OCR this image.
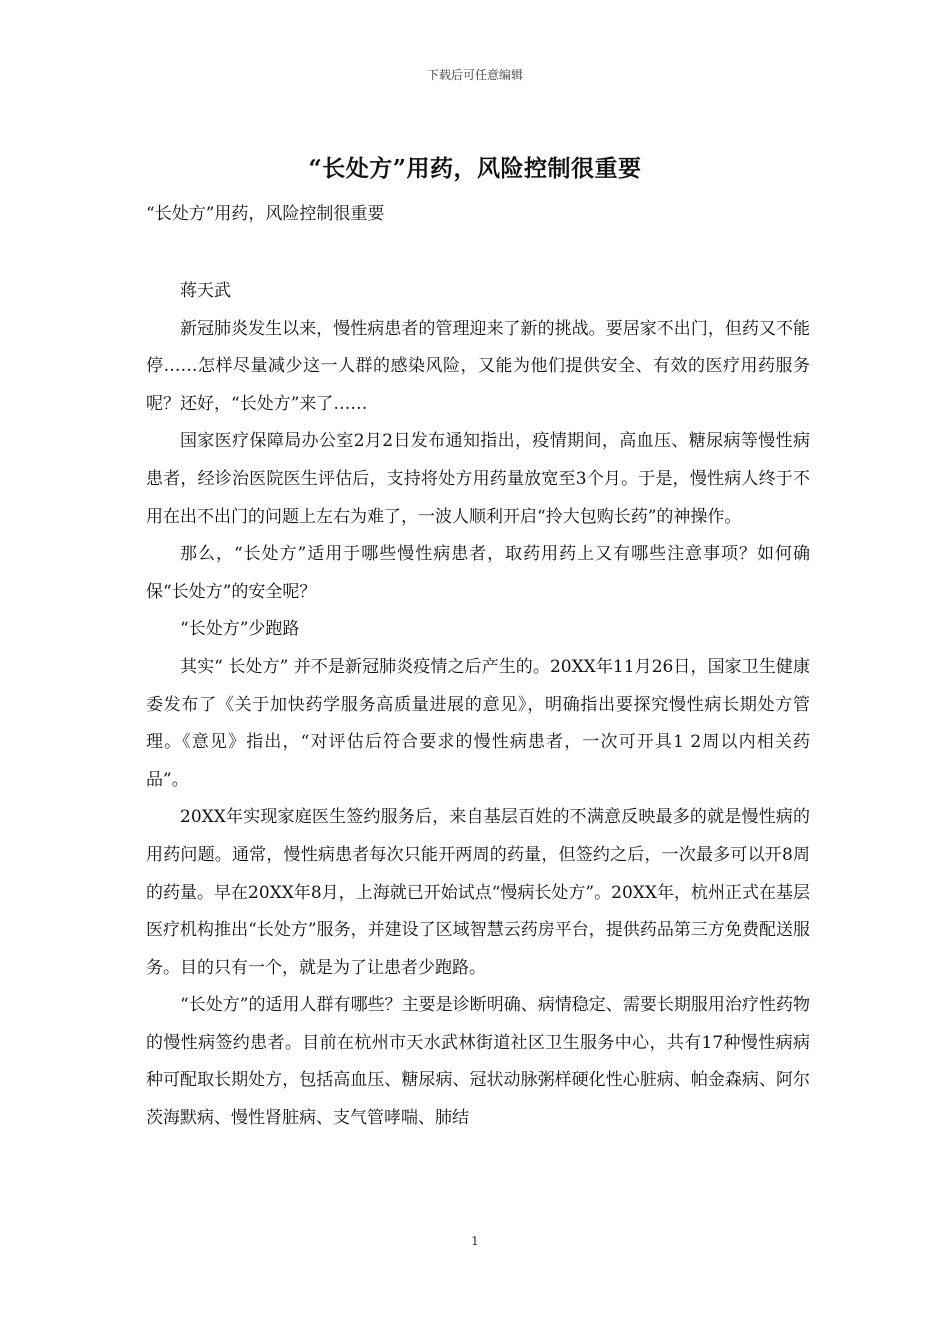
下载后可任意编辑
“长处方”用药，风险控制很重要
“长处方”用药，风险控制很重要

蒋天武

新冠肺炎发生以来，慢性病患者的管理迎来了新的挑战。要居家不出门，但药又不能停……怎样尽量减少这一人群的感染风险，又能为他们提供安全、有效的医疗用药服务呢？还好，“长处方”来了……

国家医疗保障局办公室2月2日发布通知指出，疫情期间，高血压、糖尿病等慢性病患者，经诊治医院医生评估后，支持将处方用药量放宽至3个月。于是，慢性病人终于不用在出不出门的问题上左右为难了，一波人顺利开启“拎大包购长药”的神操作。

那么，“长处方”适用于哪些慢性病患者，取药用药上又有哪些注意事项？如何确保“长处方”的安全呢？

“长处方”少跑路

其实“ 长处方” 并不是新冠肺炎疫情之后产生的。20XX年11月26日，国家卫生健康委发布了《关于加快药学服务高质量进展的意见》，明确指出要探究慢性病长期处方管理。《意见》指出，“对评估后符合要求的慢性病患者，一次可开具1 2周以内相关药品”。

20XX年实现家庭医生签约服务后，来自基层百姓的不满意反映最多的就是慢性病的用药问题。通常，慢性病患者每次只能开两周的药量，但签约之后，一次最多可以开8周的药量。早在20XX年8月，上海就已开始试点“慢病长处方”。20XX年，杭州正式在基层医疗机构推出“长处方”服务，并建设了区域智慧云药房平台，提供药品第三方免费配送服务。目的只有一个，就是为了让患者少跑路。

“长处方”的适用人群有哪些？主要是诊断明确、病情稳定、需要长期服用治疗性药物的慢性病签约患者。目前在杭州市天水武林街道社区卫生服务中心，共有17种慢性病病种可配取长期处方，包括高血压、糖尿病、冠状动脉粥样硬化性心脏病、帕金森病、阿尔茨海默病、慢性肾脏病、支气管哮喘、肺结

1
